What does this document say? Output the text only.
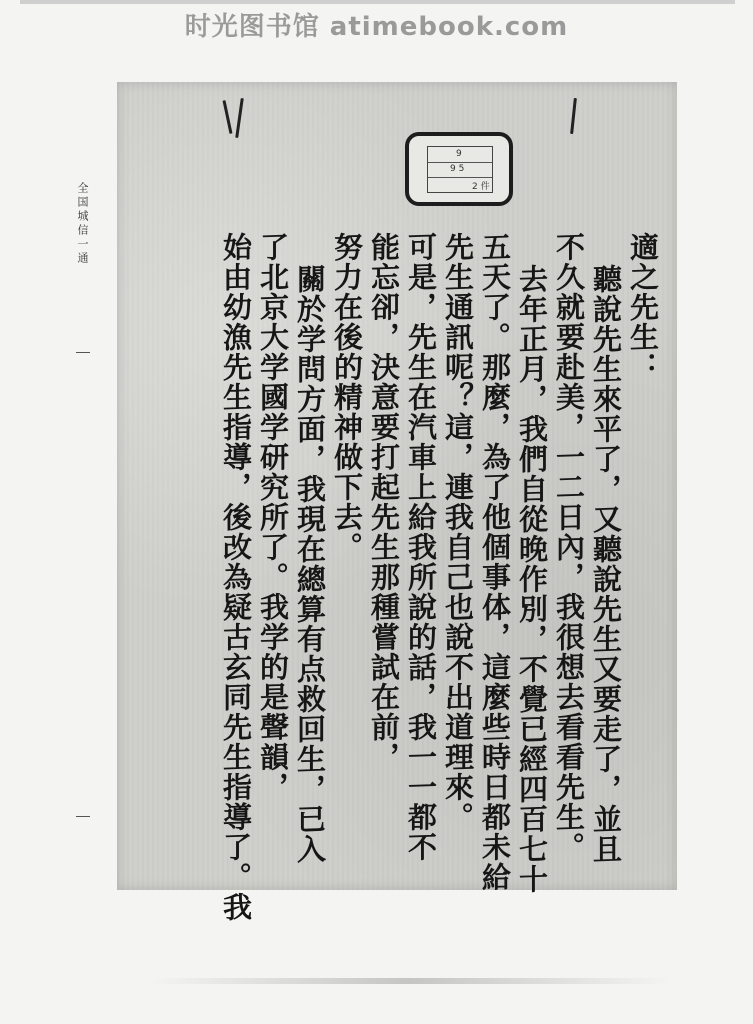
时光图书馆 atimebook.com
全国城信一通
9
9 5
2 件
適之先生：
聽說先生來平了，又聽說先生又要走了，並且
不久就要赴美，一二日內，我很想去看看先生。
去年正月，我們自從晚作別，不覺已經四百七十
五天了。那麼，為了他個事体，這麼些時日都未給
先生通訊呢？這，連我自己也說不出道理來。
可是，先生在汽車上給我所說的話，我一一都不
能忘卻，決意要打起先生那種嘗試在前，
努力在後的精神做下去。
關於学問方面，我現在總算有点救回生，已入
了北京大学國学研究所了。我学的是聲韻，
始由幼漁先生指導，後改為疑古玄同先生指導了。我
